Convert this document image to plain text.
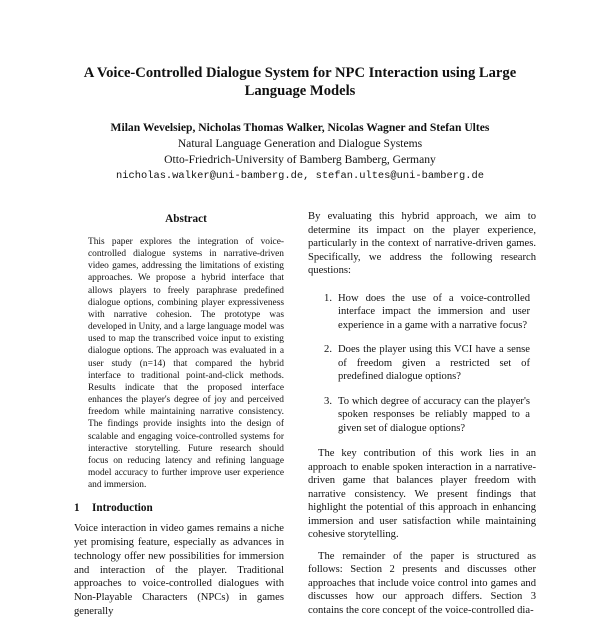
A Voice-Controlled Dialogue System for NPC Interaction using Large
Language Models
Milan Wevelsiep, Nicholas Thomas Walker, Nicolas Wagner and Stefan Ultes
Natural Language Generation and Dialogue Systems
Otto-Friedrich-University of Bamberg Bamberg, Germany
nicholas.walker@uni-bamberg.de, stefan.ultes@uni-bamberg.de
Abstract

This paper explores the integration of voice-controlled dialogue systems in narrative-driven video games, addressing the limitations of existing approaches. We propose a hybrid interface that allows players to freely paraphrase predefined dialogue options, combining player expressiveness with narrative cohesion. The prototype was developed in Unity, and a large language model was used to map the transcribed voice input to existing dialogue options. The approach was evaluated in a user study (n=14) that compared the hybrid interface to traditional point-and-click methods. Results indicate that the proposed interface enhances the player's degree of joy and perceived freedom while maintaining narrative consistency. The findings provide insights into the design of scalable and engaging voice-controlled systems for interactive storytelling. Future research should focus on reducing latency and refining language model accuracy to further improve user experience and immersion.

1 Introduction

Voice interaction in video games remains a niche yet promising feature, especially as advances in technology offer new possibilities for immersion and interaction of the player. Traditional approaches to voice-controlled dialogues with Non-Playable Characters (NPCs) in games generally

By evaluating this hybrid approach, we aim to determine its impact on the player experience, particularly in the context of narrative-driven games. Specifically, we address the following research questions:

1. How does the use of a voice-controlled interface impact the immersion and user experience in a game with a narrative focus?
2. Does the player using this VCI have a sense of freedom given a restricted set of predefined dialogue options?
3. To which degree of accuracy can the player's spoken responses be reliably mapped to a given set of dialogue options?

The key contribution of this work lies in an approach to enable spoken interaction in a narrative-driven game that balances player freedom with narrative consistency. We present findings that highlight the potential of this approach in enhancing immersion and user satisfaction while maintaining cohesive storytelling.

The remainder of the paper is structured as follows: Section 2 presents and discusses other approaches that include voice control into games and discusses how our approach differs. Section 3 contains the core concept of the voice-controlled dia-
